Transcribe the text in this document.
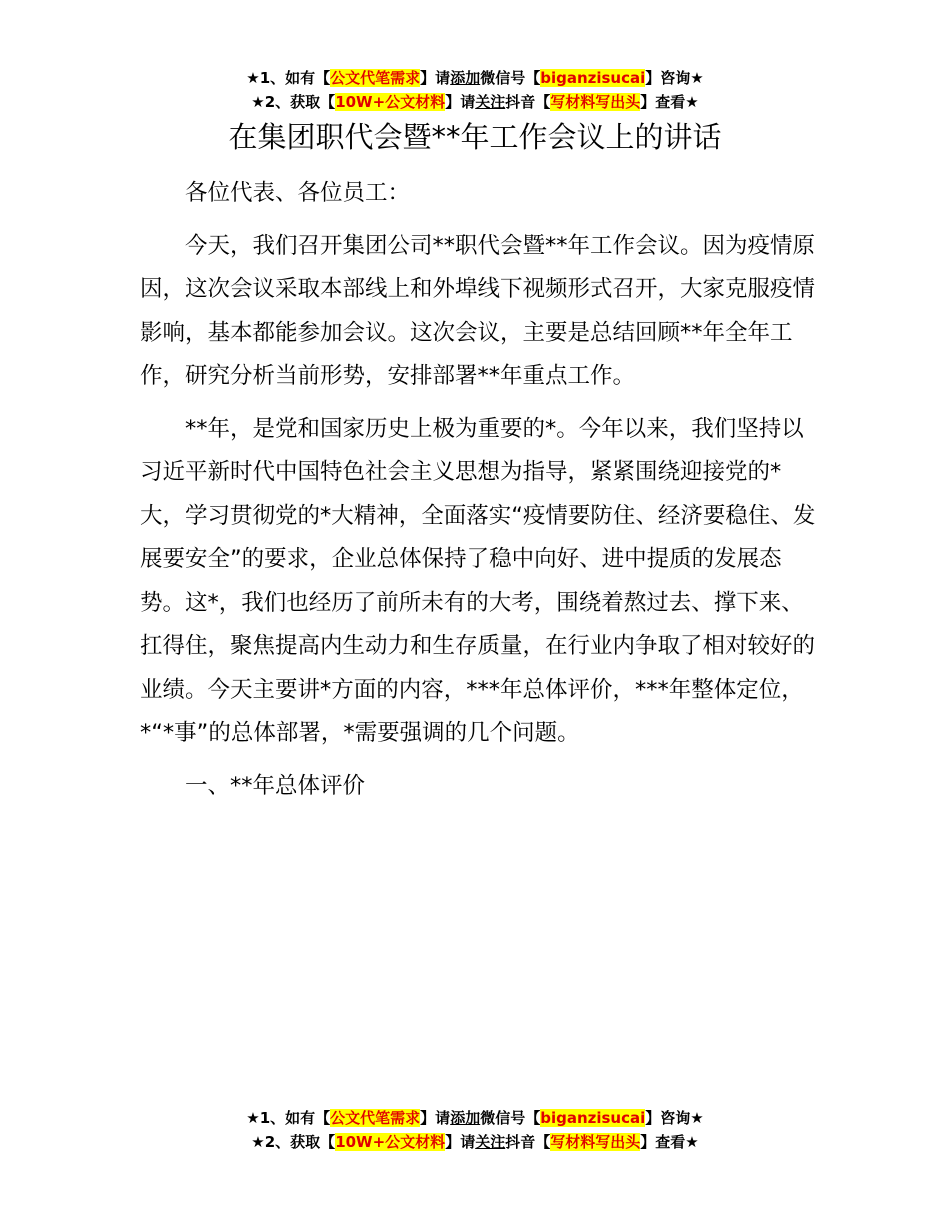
★1、如有【公文代笔需求】请添加微信号【biganzisucai】咨询★
★2、获取【10W+公文材料】请关注抖音【写材料写出头】查看★
在集团职代会暨**年工作会议上的讲话

各位代表、各位员工：

今天，我们召开集团公司**职代会暨**年工作会议。因为疫情原因，这次会议采取本部线上和外埠线下视频形式召开，大家克服疫情影响，基本都能参加会议。这次会议，主要是总结回顾**年全年工作，研究分析当前形势，安排部署**年重点工作。

**年，是党和国家历史上极为重要的*。今年以来，我们坚持以习近平新时代中国特色社会主义思想为指导，紧紧围绕迎接党的*大，学习贯彻党的*大精神，全面落实“疫情要防住、经济要稳住、发展要安全”的要求，企业总体保持了稳中向好、进中提质的发展态势。这*，我们也经历了前所未有的大考，围绕着熬过去、撑下来、扛得住，聚焦提高内生动力和生存质量，在行业内争取了相对较好的业绩。今天主要讲*方面的内容，***年总体评价，***年整体定位，*“*事”的总体部署，*需要强调的几个问题。

一、**年总体评价

★1、如有【公文代笔需求】请添加微信号【biganzisucai】咨询★
★2、获取【10W+公文材料】请关注抖音【写材料写出头】查看★
